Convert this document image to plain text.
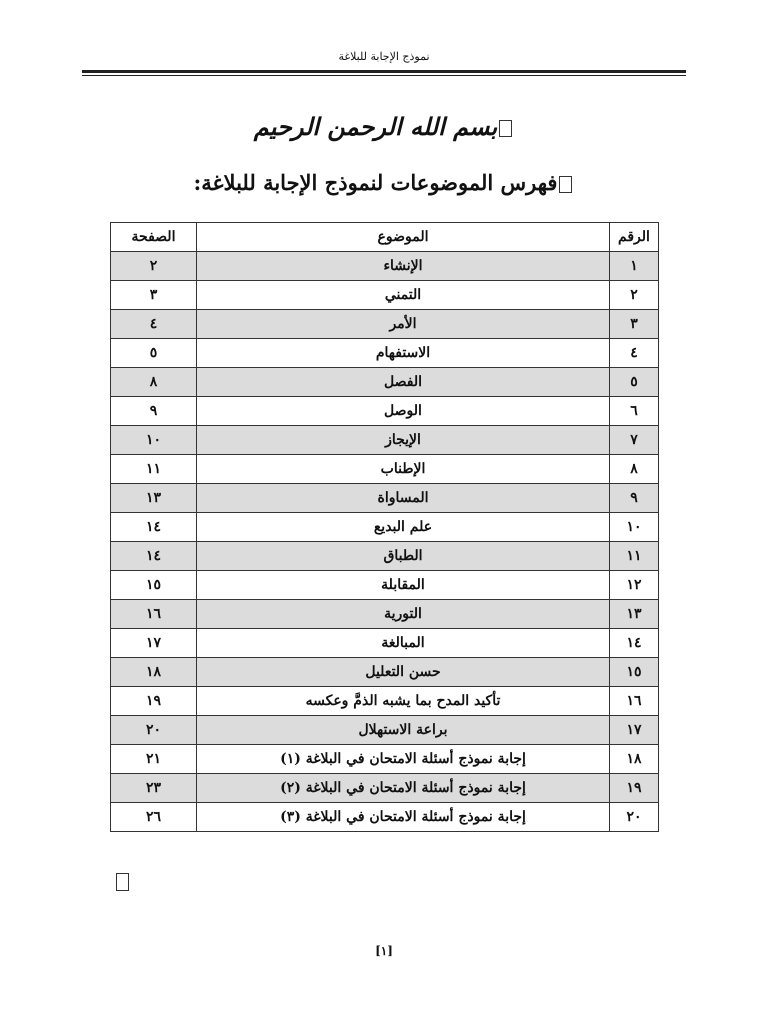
نموذج الإجابة للبلاغة
بسم الله الرحمن الرحيم
فهرس الموضوعات لنموذج الإجابة للبلاغة:
الرقم	الموضوع	الصفحة
١	الإنشاء	٢
٢	التمني	٣
٣	الأمر	٤
٤	الاستفهام	٥
٥	الفصل	٨
٦	الوصل	٩
٧	الإيجاز	١٠
٨	الإطناب	١١
٩	المساواة	١٣
١٠	علم البديع	١٤
١١	الطباق	١٤
١٢	المقابلة	١٥
١٣	التورية	١٦
١٤	المبالغة	١٧
١٥	حسن التعليل	١٨
١٦	تأكيد المدح بما يشبه الذمَّ وعكسه	١٩
١٧	براعة الاستهلال	٢٠
١٨	إجابة نموذج أسئلة الامتحان في البلاغة (١)	٢١
١٩	إجابة نموذج أسئلة الامتحان في البلاغة (٢)	٢٣
٢٠	إجابة نموذج أسئلة الامتحان في البلاغة (٣)	٢٦
[١]
